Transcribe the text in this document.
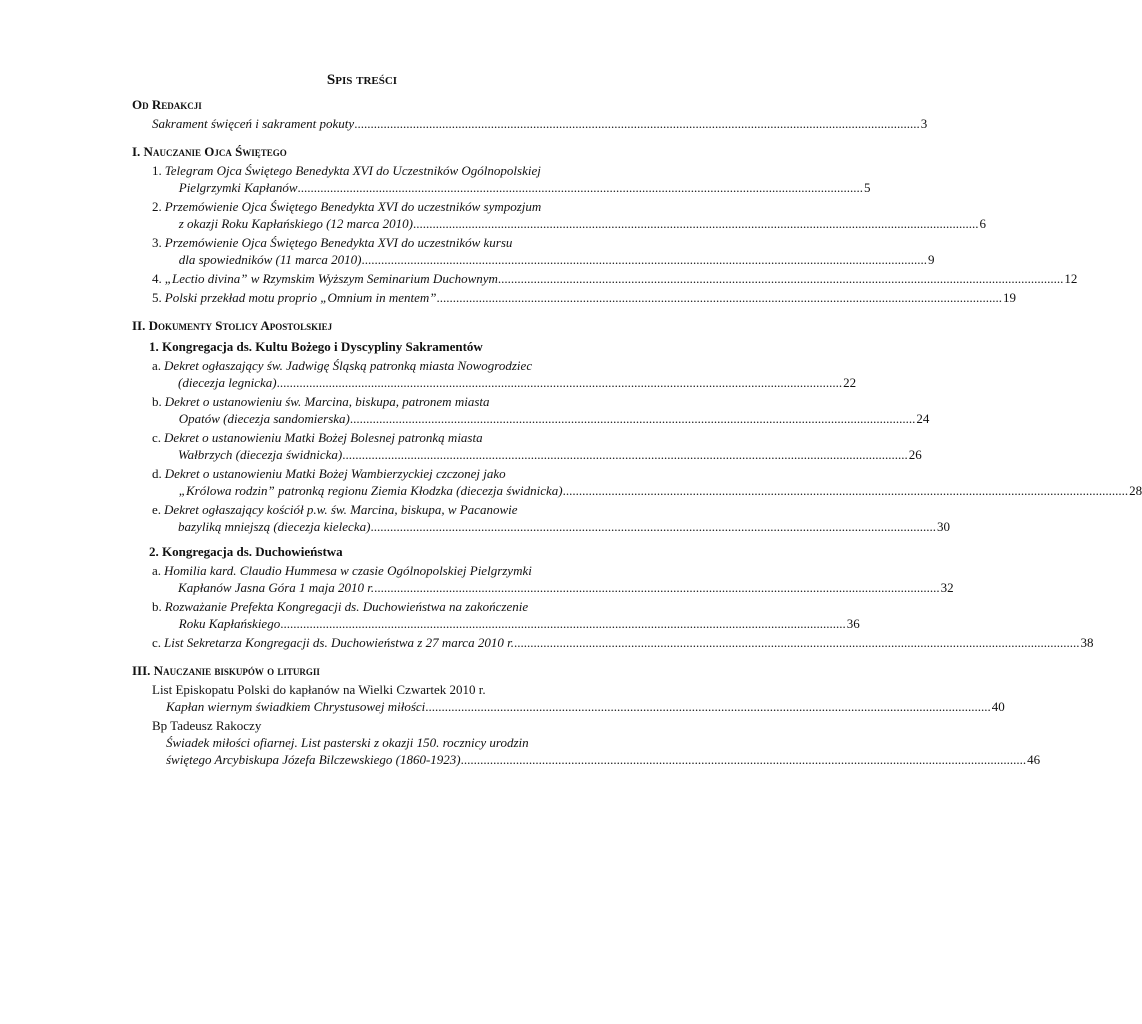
Spis treści
Od Redakcji
Sakrament święceń i sakrament pokuty .....	3
I. Nauczanie Ojca Świętego
1. Telegram Ojca Świętego Benedykta XVI do Uczestników Ogólnopolskiej
Pielgrzymki Kapłanów .....	5
2. Przemówienie Ojca Świętego Benedykta XVI do uczestników sympozjum
z okazji Roku Kapłańskiego (12 marca 2010) .....	6
3. Przemówienie Ojca Świętego Benedykta XVI do uczestników kursu
dla spowiedników (11 marca 2010) .....	9
4. „Lectio divina” w Rzymskim Wyższym Seminarium Duchownym .....	12
5. Polski przekład motu proprio „Omnium in mentem” .....	19
II. Dokumenty Stolicy Apostolskiej
1. Kongregacja ds. Kultu Bożego i Dyscypliny Sakramentów
a. Dekret ogłaszający św. Jadwigę Śląską patronką miasta Nowogrodziec
(diecezja legnicka) .....	22
b. Dekret o ustanowieniu św. Marcina, biskupa, patronem miasta
Opatów (diecezja sandomierska) .....	24
c. Dekret o ustanowieniu Matki Bożej Bolesnej patronką miasta
Wałbrzych (diecezja świdnicka) .....	26
d. Dekret o ustanowieniu Matki Bożej Wambierzyckiej czczonej jako
„Królowa rodzin” patronką regionu Ziemia Kłodzka (diecezja świdnicka) .....	28
e. Dekret ogłaszający kościół p.w. św. Marcina, biskupa, w Pacanowie
bazyliką mniejszą (diecezja kielecka) .....	30
2. Kongregacja ds. Duchowieństwa
a. Homilia kard. Claudio Hummesa w czasie Ogólnopolskiej Pielgrzymki
Kapłanów Jasna Góra 1 maja 2010 r. .....	32
b. Rozważanie Prefekta Kongregacji ds. Duchowieństwa na zakończenie
Roku Kapłańskiego .....	36
c. List Sekretarza Kongregacji ds. Duchowieństwa z 27 marca 2010 r. .....	38
III. Nauczanie biskupów o liturgii
List Episkopatu Polski do kapłanów na Wielki Czwartek 2010 r.
Kapłan wiernym świadkiem Chrystusowej miłości .....	40
Bp Tadeusz Rakoczy
Świadek miłości ofiarnej. List pasterski z okazji 150. rocznicy urodzin
świętego Arcybiskupa Józefa Bilczewskiego (1860-1923) .....	46
